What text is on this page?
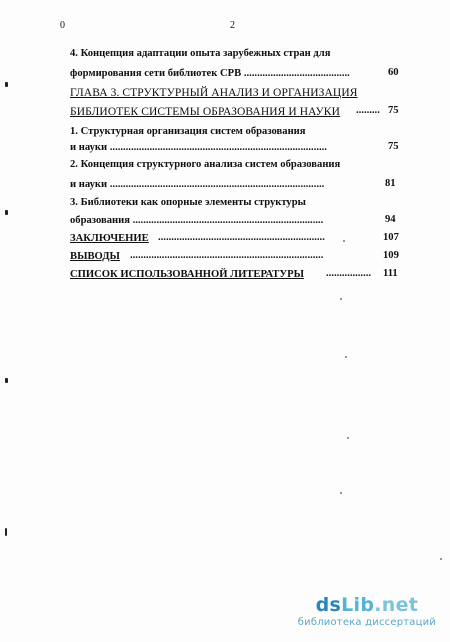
0	2
4. Концепция адаптации опыта зарубежных стран для
формирования сети библиотек СРВ ........................................	60
ГЛАВА 3. СТРУКТУРНЫЙ АНАЛИЗ И ОРГАНИЗАЦИЯ
БИБЛИОТЕК СИСТЕМЫ ОБРАЗОВАНИЯ И НАУКИ ......... 75
1. Структурная организация систем образования
и науки ..................................................................................	75
2. Концепция структурного анализа систем образования
и науки .................................................................................	81
3. Библиотеки как опорные элементы структуры
образования ........................................................................	94
ЗАКЛЮЧЕНИЕ ...............................................................	107
ВЫВОДЫ .........................................................................	109
СПИСОК ИСПОЛЬЗОВАННОЙ ЛИТЕРАТУРЫ ................. 111
dsLib.net
библиотека диссертаций
